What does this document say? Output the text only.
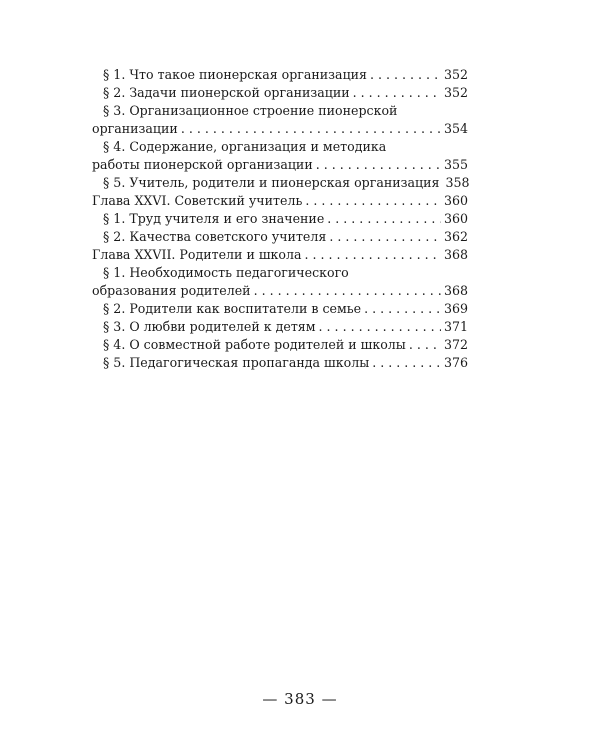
§ 1. Что такое пионерская организация . . .	352
§ 2. Задачи пионерской организации . . .	352
§ 3. Организационное строение пионерской
организации . . .	354
§ 4. Содержание, организация и методика
работы пионерской организации . . .	355
§ 5. Учитель, родители и пионерская организация 358
Глава XXVI. Советский учитель . . .	360
§ 1. Труд учителя и его значение . . .	360
§ 2. Качества советского учителя . . .	362
Глава XXVII. Родители и школа . . .	368
§ 1. Необходимость педагогического
образования родителей . . .	368
§ 2. Родители как воспитатели в семье . . .	369
§ 3. О любви родителей к детям . . .	371
§ 4. О совместной работе родителей и школы . . .	372
§ 5. Педагогическая пропаганда школы . . .	376
— 383 —
